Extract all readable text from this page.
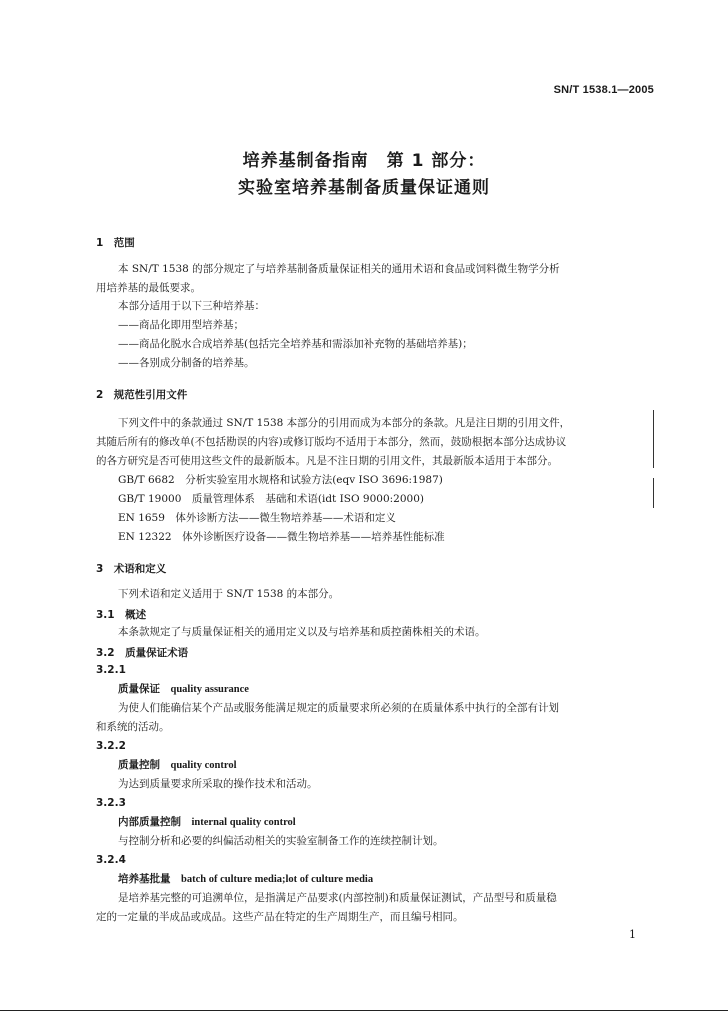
SN/T 1538.1—2005
培养基制备指南　第 1 部分：
实验室培养基制备质量保证通则
1　范围
本 SN/T 1538 的部分规定了与培养基制备质量保证相关的通用术语和食品或饲料微生物学分析
用培养基的最低要求。
本部分适用于以下三种培养基：
——商品化即用型培养基；
——商品化脱水合成培养基(包括完全培养基和需添加补充物的基础培养基)；
——各别成分制备的培养基。
2　规范性引用文件
下列文件中的条款通过 SN/T 1538 本部分的引用而成为本部分的条款。凡是注日期的引用文件，
其随后所有的修改单(不包括勘误的内容)或修订版均不适用于本部分，然而，鼓励根据本部分达成协议
的各方研究是否可使用这些文件的最新版本。凡是不注日期的引用文件，其最新版本适用于本部分。
GB/T 6682　分析实验室用水规格和试验方法(eqv ISO 3696:1987)
GB/T 19000　质量管理体系　基础和术语(idt ISO 9000:2000)
EN 1659　体外诊断方法——微生物培养基——术语和定义
EN 12322　体外诊断医疗设备——微生物培养基——培养基性能标准
3　术语和定义
下列术语和定义适用于 SN/T 1538 的本部分。
3.1　概述
本条款规定了与质量保证相关的通用定义以及与培养基和质控菌株相关的术语。
3.2　质量保证术语
3.2.1
质量保证　quality assurance
为使人们能确信某个产品或服务能满足规定的质量要求所必须的在质量体系中执行的全部有计划
和系统的活动。
3.2.2
质量控制　quality control
为达到质量要求所采取的操作技术和活动。
3.2.3
内部质量控制　internal quality control
与控制分析和必要的纠偏活动相关的实验室制备工作的连续控制计划。
3.2.4
培养基批量　batch of culture media;lot of culture media
是培养基完整的可追溯单位，是指满足产品要求(内部控制)和质量保证测试，产品型号和质量稳
定的一定量的半成品或成品。这些产品在特定的生产周期生产，而且编号相同。
1
